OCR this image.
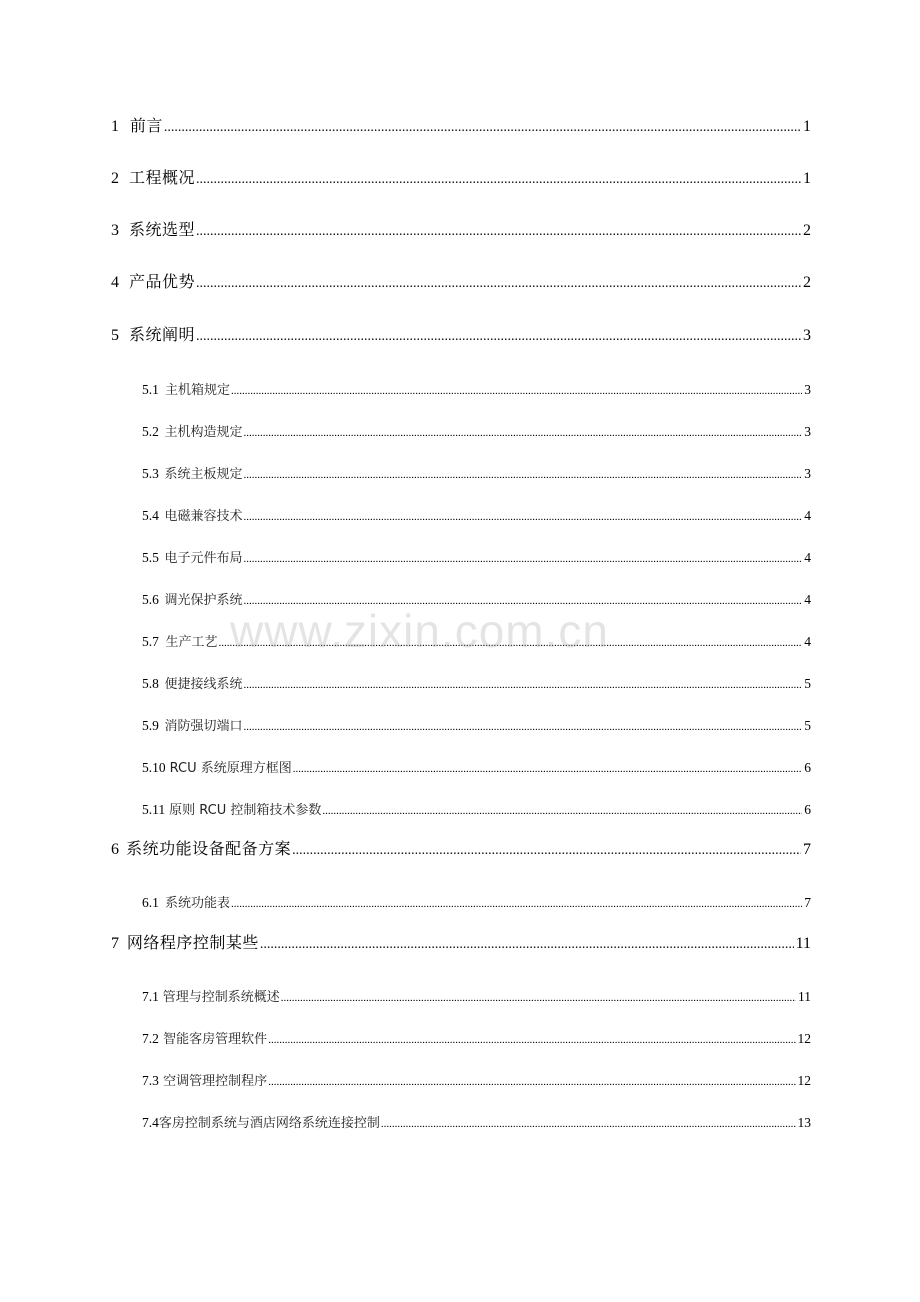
1 前言 .....	1
2 工程概况 .....	1
3 系统选型 .....	2
4 产品优势 .....	2
5 系统阐明 .....	3
5.1 主机箱规定 .....	3
5.2 主机构造规定 .....	3
5.3 系统主板规定 .....	3
5.4 电磁兼容技术 .....	4
5.5 电子元件布局 .....	4
5.6 调光保护系统 .....	4
5.7 生产工艺 .....	4
5.8 便捷接线系统 .....	5
5.9 消防强切端口 .....	5
5.10 RCU 系统原理方框图 .....	6
5.11 原则 RCU 控制箱技术参数 .....	6
6 系统功能设备配备方案 .....	7
6.1 系统功能表 .....	7
7 网络程序控制某些 .....	11
7.1 管理与控制系统概述 .....	11
7.2 智能客房管理软件 .....	12
7.3 空调管理控制程序 .....	12
7.4 客房控制系统与酒店网络系统连接控制 .....	13
www.zixin.com.cn
